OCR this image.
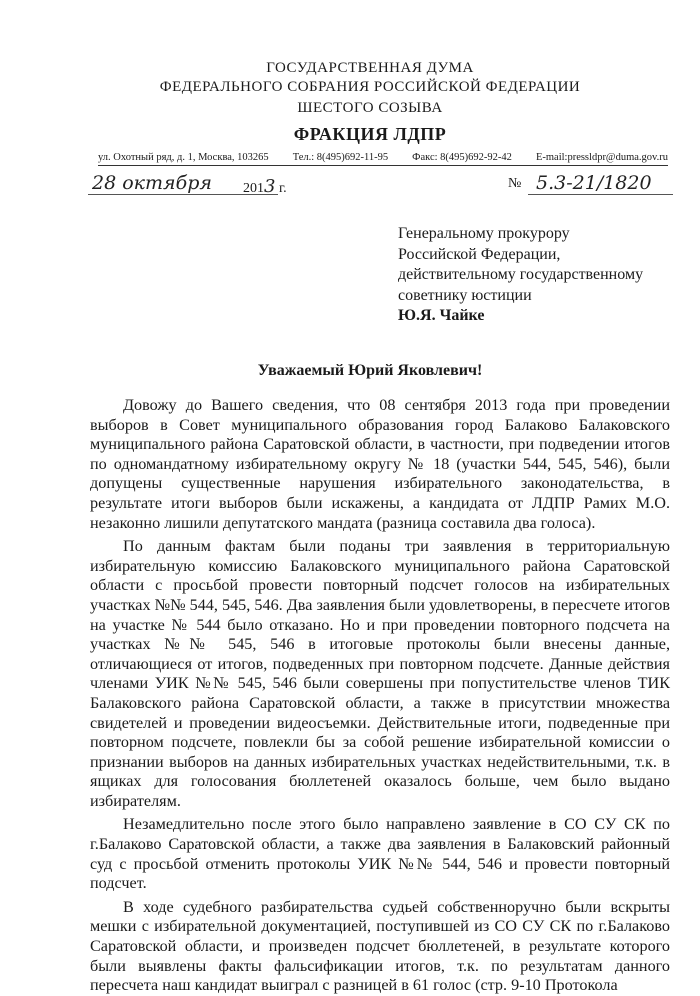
ГОСУДАРСТВЕННАЯ ДУМА
ФЕДЕРАЛЬНОГО СОБРАНИЯ РОССИЙСКОЙ ФЕДЕРАЦИИ
ШЕСТОГО СОЗЫВА
ФРАКЦИЯ ЛДПР
ул. Охотный ряд, д. 1, Москва, 103265 Тел.: 8(495)692-11-95 Факс: 8(495)692-92-42 E-mail:pressldpr@duma.gov.ru
28 октября 2013 г.	№ 5.3-21/1820
Генеральному прокурору
Российской Федерации,
действительному государственному
советнику юстиции
Ю.Я. Чайке
Уважаемый Юрий Яковлевич!

Довожу до Вашего сведения, что 08 сентября 2013 года при проведении выборов в Совет муниципального образования город Балаково Балаковского муниципального района Саратовской области, в частности, при подведении итогов по одномандатному избирательному округу № 18 (участки 544, 545, 546), были допущены существенные нарушения избирательного законодательства, в результате итоги выборов были искажены, а кандидата от ЛДПР Рамих М.О. незаконно лишили депутатского мандата (разница составила два голоса).

По данным фактам были поданы три заявления в территориальную избирательную комиссию Балаковского муниципального района Саратовской области с просьбой провести повторный подсчет голосов на избирательных участках №№ 544, 545, 546. Два заявления были удовлетворены, в пересчете итогов на участке № 544 было отказано. Но и при проведении повторного подсчета на участках №№ 545, 546 в итоговые протоколы были внесены данные, отличающиеся от итогов, подведенных при повторном подсчете. Данные действия членами УИК №№ 545, 546 были совершены при попустительстве членов ТИК Балаковского района Саратовской области, а также в присутствии множества свидетелей и проведении видеосъемки. Действительные итоги, подведенные при повторном подсчете, повлекли бы за собой решение избирательной комиссии о признании выборов на данных избирательных участках недействительными, т.к. в ящиках для голосования бюллетеней оказалось больше, чем было выдано избирателям.

Незамедлительно после этого было направлено заявление в СО СУ СК по г.Балаково Саратовской области, а также два заявления в Балаковский районный суд с просьбой отменить протоколы УИК №№ 544, 546 и провести повторный подсчет.

В ходе судебного разбирательства судьей собственноручно были вскрыты мешки с избирательной документацией, поступившей из СО СУ СК по г.Балаково Саратовской области, и произведен подсчет бюллетеней, в результате которого были выявлены факты фальсификации итогов, т.к. по результатам данного пересчета наш кандидат выиграл с разницей в 61 голос (стр. 9-10 Протокола
